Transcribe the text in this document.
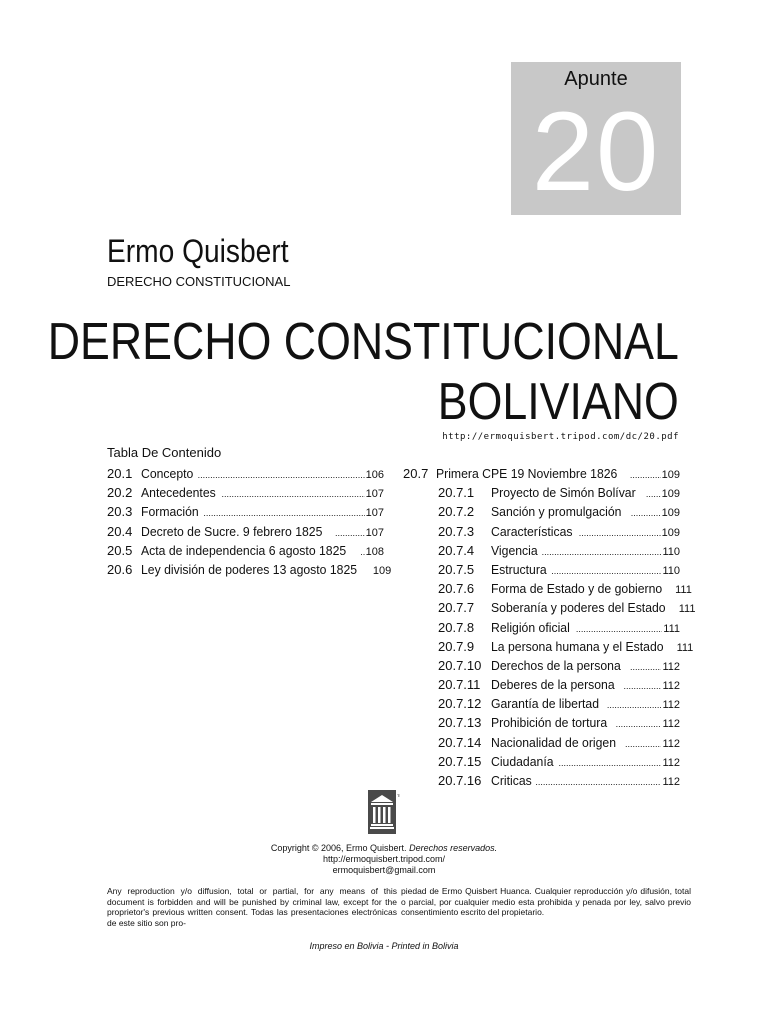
Apunte
20
Ermo Quisbert
DERECHO CONSTITUCIONAL
DERECHO CONSTITUCIONAL
BOLIVIANO
http://ermoquisbert.tripod.com/dc/20.pdf
Tabla De Contenido
20.1 Concepto .....	106
20.2 Antecedentes .....	107
20.3 Formación .....	107
20.4 Decreto de Sucre. 9 febrero 1825 .....	107
20.5 Acta de independencia 6 agosto 1825 ..... 108
20.6 Ley división de poderes 13 agosto 1825 109
20.7 Primera CPE 19 Noviembre 1826 .....	109
20.7.1	Proyecto de Simón Bolívar ..... 109
20.7.2	Sanción y promulgación .....	109
20.7.3	Características .....	109
20.7.4	Vigencia .....	110
20.7.5	Estructura .....	110
20.7.6	Forma de Estado y de gobierno 111
20.7.7	Soberanía y poderes del Estado 111
20.7.8	Religión oficial .....	111
20.7.9	La persona humana y el Estado 111
20.7.10 Derechos de la persona .....	112
20.7.11 Deberes de la persona .....	112
20.7.12 Garantía de libertad .....	112
20.7.13 Prohibición de tortura .....	112
20.7.14 Nacionalidad de origen .....	112
20.7.15 Ciudadanía .....	112
20.7.16 Criticas .....	112
T
Copyright © 2006, Ermo Quisbert. Derechos reservados.
http://ermoquisbert.tripod.com/
ermoquisbert@gmail.com
Any reproduction y/o diffusion, total or partial, for any means of this document is forbidden and will be punished by criminal law, except for the proprietor's previous written consent. Todas las presentaciones electrónicas de este sitio son pro-
piedad de Ermo Quisbert Huanca. Cualquier reproducción y/o difusión, total o parcial, por cualquier medio esta prohibida y penada por ley, salvo previo consentimiento escrito del propietario.
Impreso en Bolivia - Printed in Bolivia
